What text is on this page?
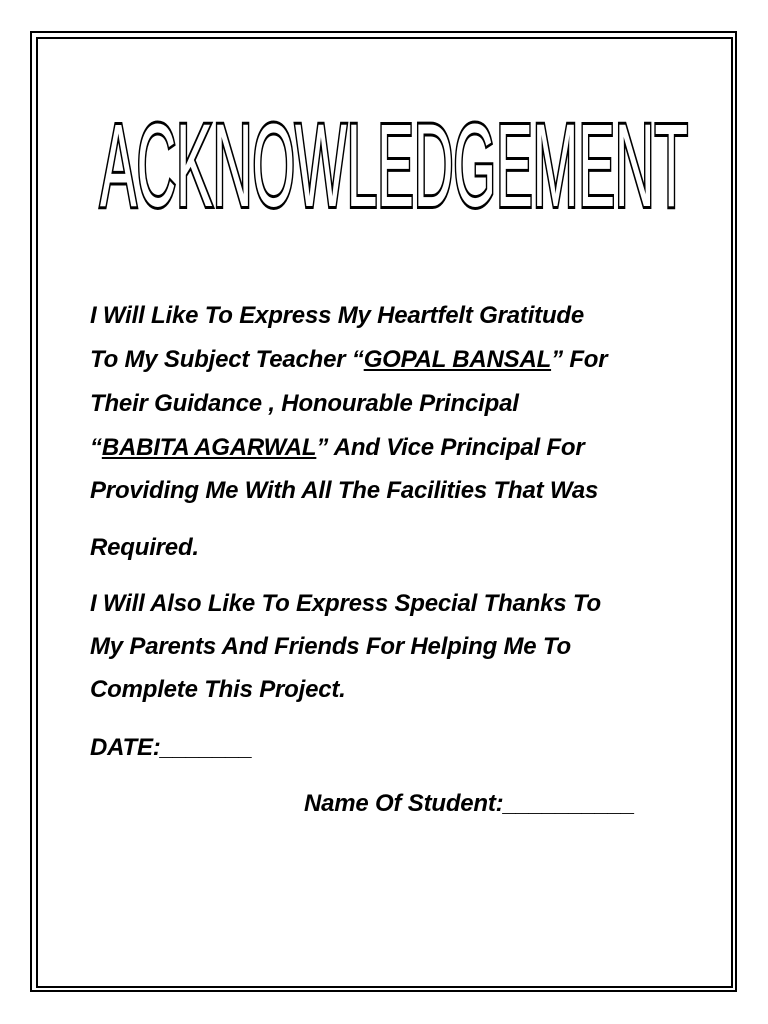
ACKNOWLEDGEMENT
ACKNOWLEDGEMENT
I Will Like To Express My Heartfelt Gratitude
To My Subject Teacher “GOPAL BANSAL” For
Their Guidance , Honourable Principal
“BABITA AGARWAL” And Vice Principal For
Providing Me With All The Facilities That Was
Required.
I Will Also Like To Express Special Thanks To
My Parents And Friends For Helping Me To
Complete This Project.
DATE:_______
Name Of Student:__________
